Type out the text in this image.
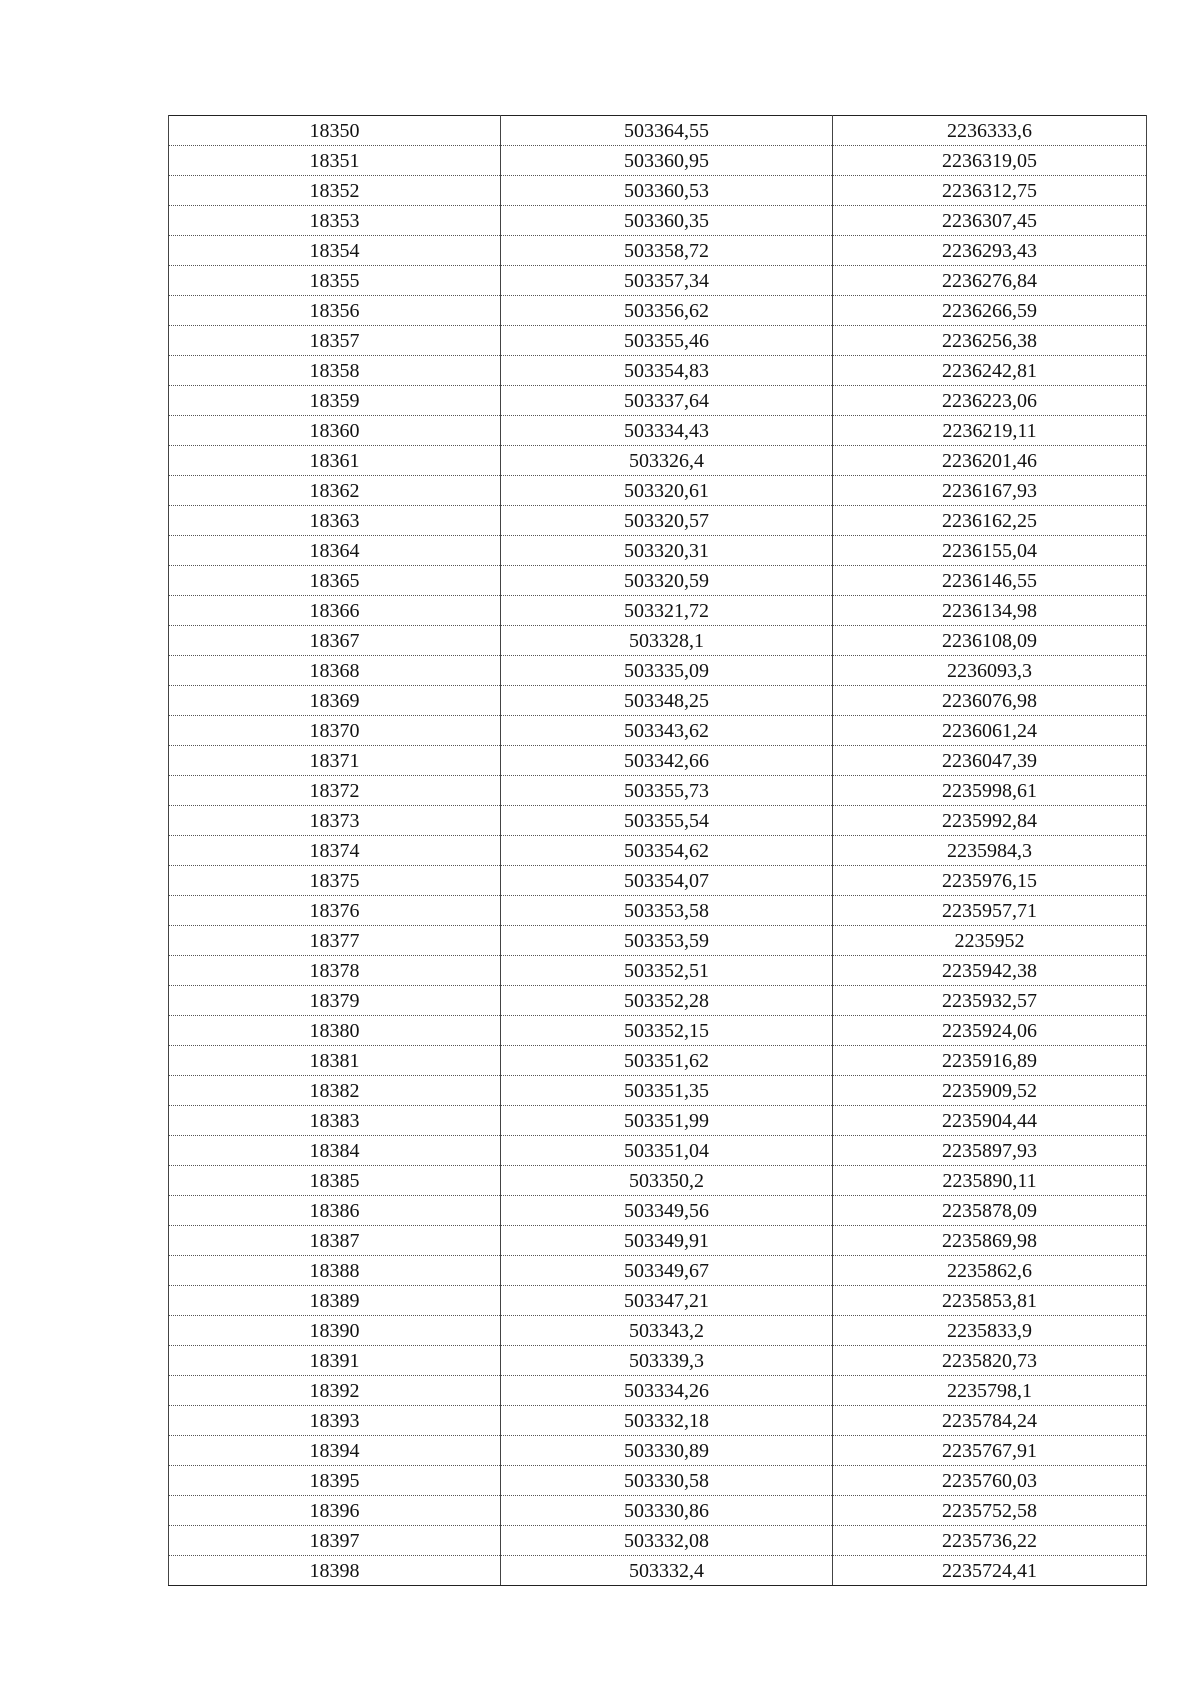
18350	503364,55	2236333,6
18351	503360,95	2236319,05
18352	503360,53	2236312,75
18353	503360,35	2236307,45
18354	503358,72	2236293,43
18355	503357,34	2236276,84
18356	503356,62	2236266,59
18357	503355,46	2236256,38
18358	503354,83	2236242,81
18359	503337,64	2236223,06
18360	503334,43	2236219,11
18361	503326,4	2236201,46
18362	503320,61	2236167,93
18363	503320,57	2236162,25
18364	503320,31	2236155,04
18365	503320,59	2236146,55
18366	503321,72	2236134,98
18367	503328,1	2236108,09
18368	503335,09	2236093,3
18369	503348,25	2236076,98
18370	503343,62	2236061,24
18371	503342,66	2236047,39
18372	503355,73	2235998,61
18373	503355,54	2235992,84
18374	503354,62	2235984,3
18375	503354,07	2235976,15
18376	503353,58	2235957,71
18377	503353,59	2235952
18378	503352,51	2235942,38
18379	503352,28	2235932,57
18380	503352,15	2235924,06
18381	503351,62	2235916,89
18382	503351,35	2235909,52
18383	503351,99	2235904,44
18384	503351,04	2235897,93
18385	503350,2	2235890,11
18386	503349,56	2235878,09
18387	503349,91	2235869,98
18388	503349,67	2235862,6
18389	503347,21	2235853,81
18390	503343,2	2235833,9
18391	503339,3	2235820,73
18392	503334,26	2235798,1
18393	503332,18	2235784,24
18394	503330,89	2235767,91
18395	503330,58	2235760,03
18396	503330,86	2235752,58
18397	503332,08	2235736,22
18398	503332,4	2235724,41
